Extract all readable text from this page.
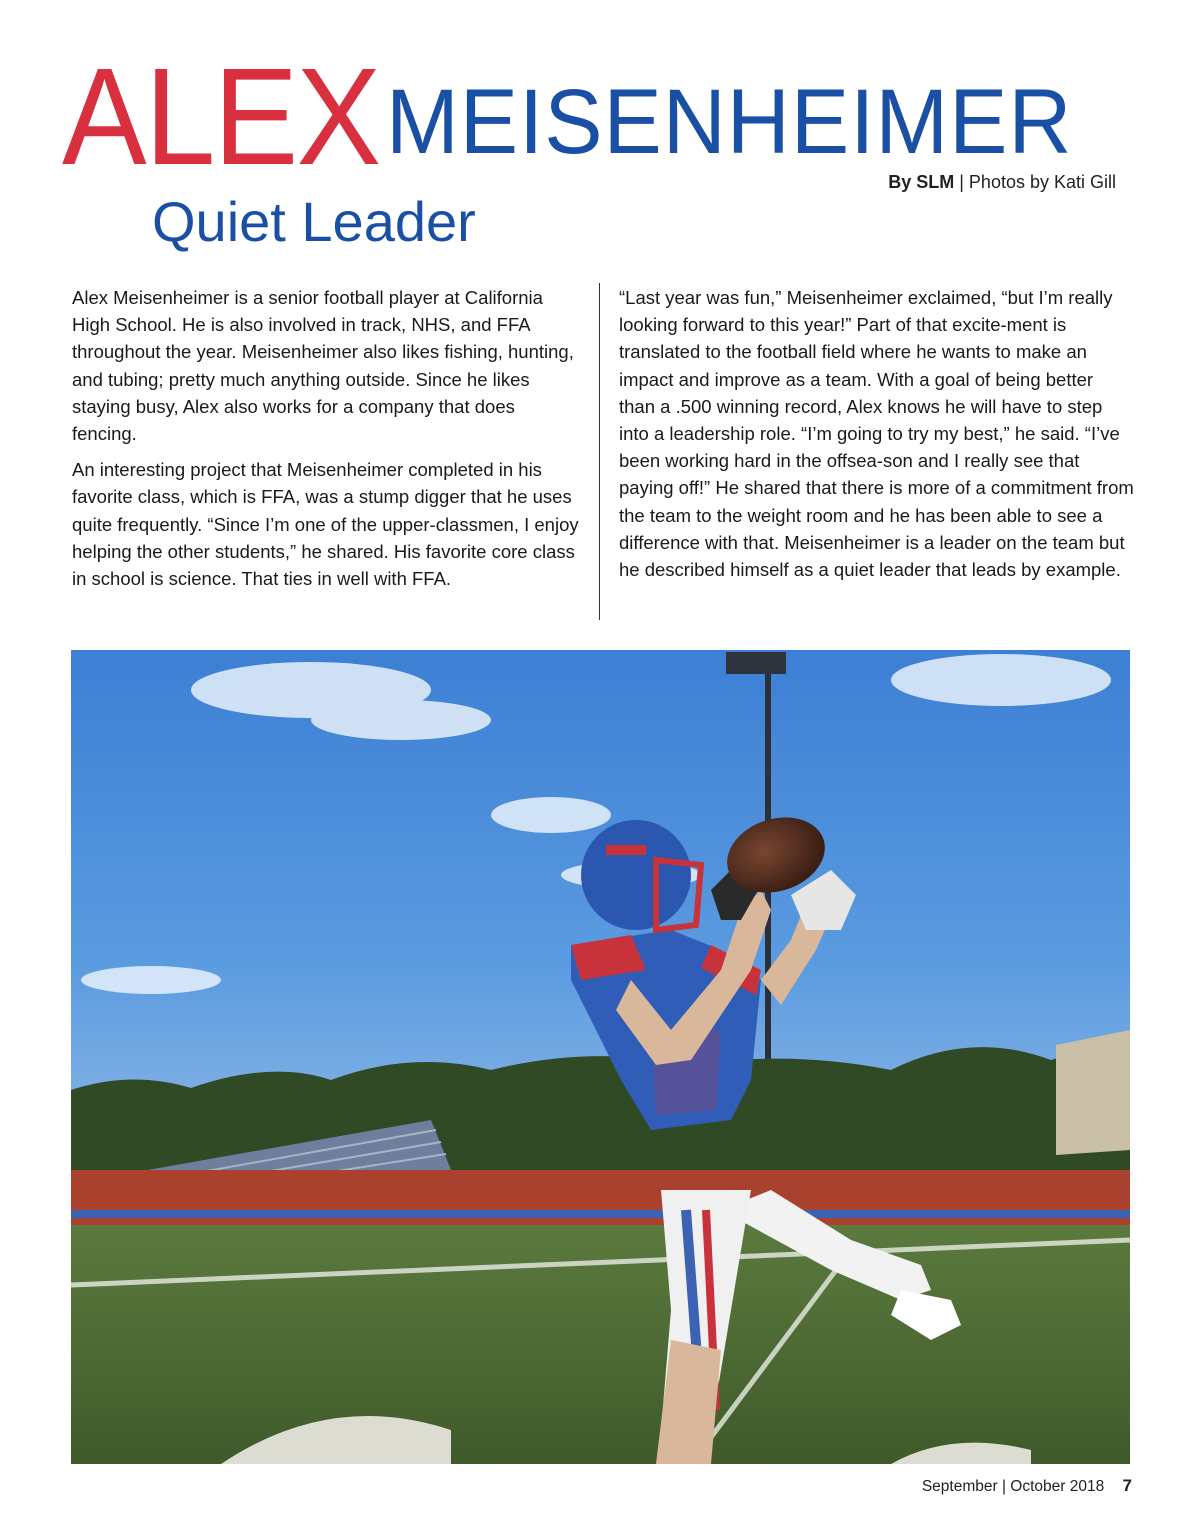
ALEX MEISENHEIMER
By SLM | Photos by Kati Gill
Quiet Leader

Alex Meisenheimer is a senior football player at California High School. He is also involved in track, NHS, and FFA throughout the year. Meisenheimer also likes fishing, hunting, and tubing; pretty much anything outside. Since he likes staying busy, Alex also works for a company that does fencing.

An interesting project that Meisenheimer completed in his favorite class, which is FFA, was a stump digger that he uses quite frequently. “Since I’m one of the upper-classmen, I enjoy helping the other students,” he shared. His favorite core class in school is science. That ties in well with FFA.

“Last year was fun,” Meisenheimer exclaimed, “but I’m really looking forward to this year!” Part of that excite-ment is translated to the football field where he wants to make an impact and improve as a team. With a goal of being better than a .500 winning record, Alex knows he will have to step into a leadership role. “I’m going to try my best,” he said. “I’ve been working hard in the offsea-son and I really see that paying off!” He shared that there is more of a commitment from the team to the weight room and he has been able to see a difference with that. Meisenheimer is a leader on the team but he described himself as a quiet leader that leads by example.

September | October 2018 7
